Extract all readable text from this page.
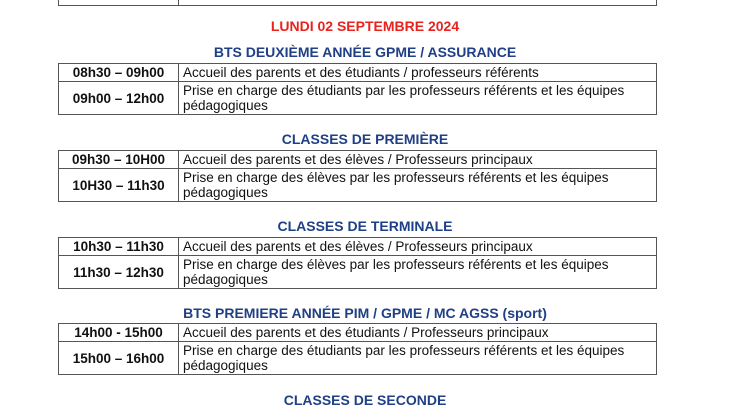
LUNDI 02 SEPTEMBRE 2024
BTS DEUXIÈME ANNÉE GPME / ASSURANCE
08h30 – 09h00	Accueil des parents et des étudiants / professeurs référents
09h00 – 12h00	Prise en charge des étudiants par les professeurs référents et les équipes pédagogiques
CLASSES DE PREMIÈRE
09h30 – 10H00	Accueil des parents et des élèves / Professeurs principaux
10H30 – 11h30	Prise en charge des élèves par les professeurs référents et les équipes pédagogiques
CLASSES DE TERMINALE
10h30 – 11h30	Accueil des parents et des élèves / Professeurs principaux
11h30 – 12h30	Prise en charge des élèves par les professeurs référents et les équipes pédagogiques
BTS PREMIERE ANNÉE PIM / GPME / MC AGSS (sport)
14h00 - 15h00	Accueil des parents et des étudiants / Professeurs principaux
15h00 – 16h00	Prise en charge des étudiants par les professeurs référents et les équipes pédagogiques
CLASSES DE SECONDE
